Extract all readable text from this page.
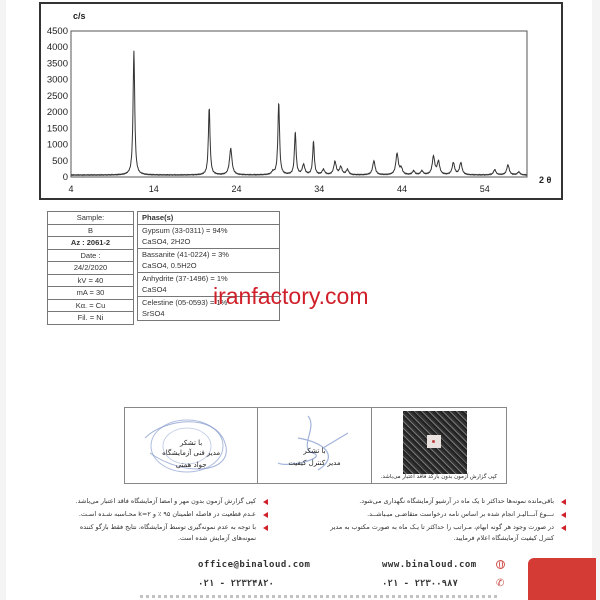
0
500
1000
1500
2000
2500
3000
3500
4000
4500
4	14	24	34	44	54
c/s
2 θ
Sample:
B
Az : 2061-2
Date :
24/2/2020
kV = 40
mA = 30
Kα. = Cu
Fil. = Ni
Phase(s)
Gypsum (33-0311) = 94%
CaSO4, 2H2O
Bassanite (41-0224) = 3%
CaSO4, 0.5H2O
Anhydrite (37-1496) = 1%
CaSO4
Celestine (05-0593) = 1%
SrSO4
iranfactory.com
با تشکر
مدیر فنی آزمایشگاه
جواد همتی
با تشکر
مدیر کنترل کیفیت
کپی گزارش آزمون بدون بارکد فاقد اعتبار می‌باشد.
باقی‌مانده نمونه‌ها حداکثر تا یک ماه در آرشیو آزمایشگاه نگهداری می‌شود.
نـــوع آنـــالیـز انجام شده بر اساس نامه درخواست متقاضـی میـباشــد.
در صورت وجود هر گونه ابهام، مـراتب را حداکثر تا یـک ماه به صورت مکتوب به مدیر کنترل کیفیت آزمایشگاه اعلام فرمایید.
کپی گزارش آزمون بدون مهر و امضا آزمایشگاه فاقد اعتبار می‌باشد.
عـدم قطعیت در فاصله اطمینان ۹۵ ٪ و k=۲ محـاسبه شـده اسـت.
با توجه به عدم نمونه‌گیری توسط آزمایشگاه، نتایج فقط بازگو کننده نمونه‌های آزمایش شده است.
office@binaloud.com	www.binaloud.com
۰۲۱ - ۲۲۳۲۴۸۲۰	۰۲۱ - ۲۲۳۰۰۹۸۷	✆
